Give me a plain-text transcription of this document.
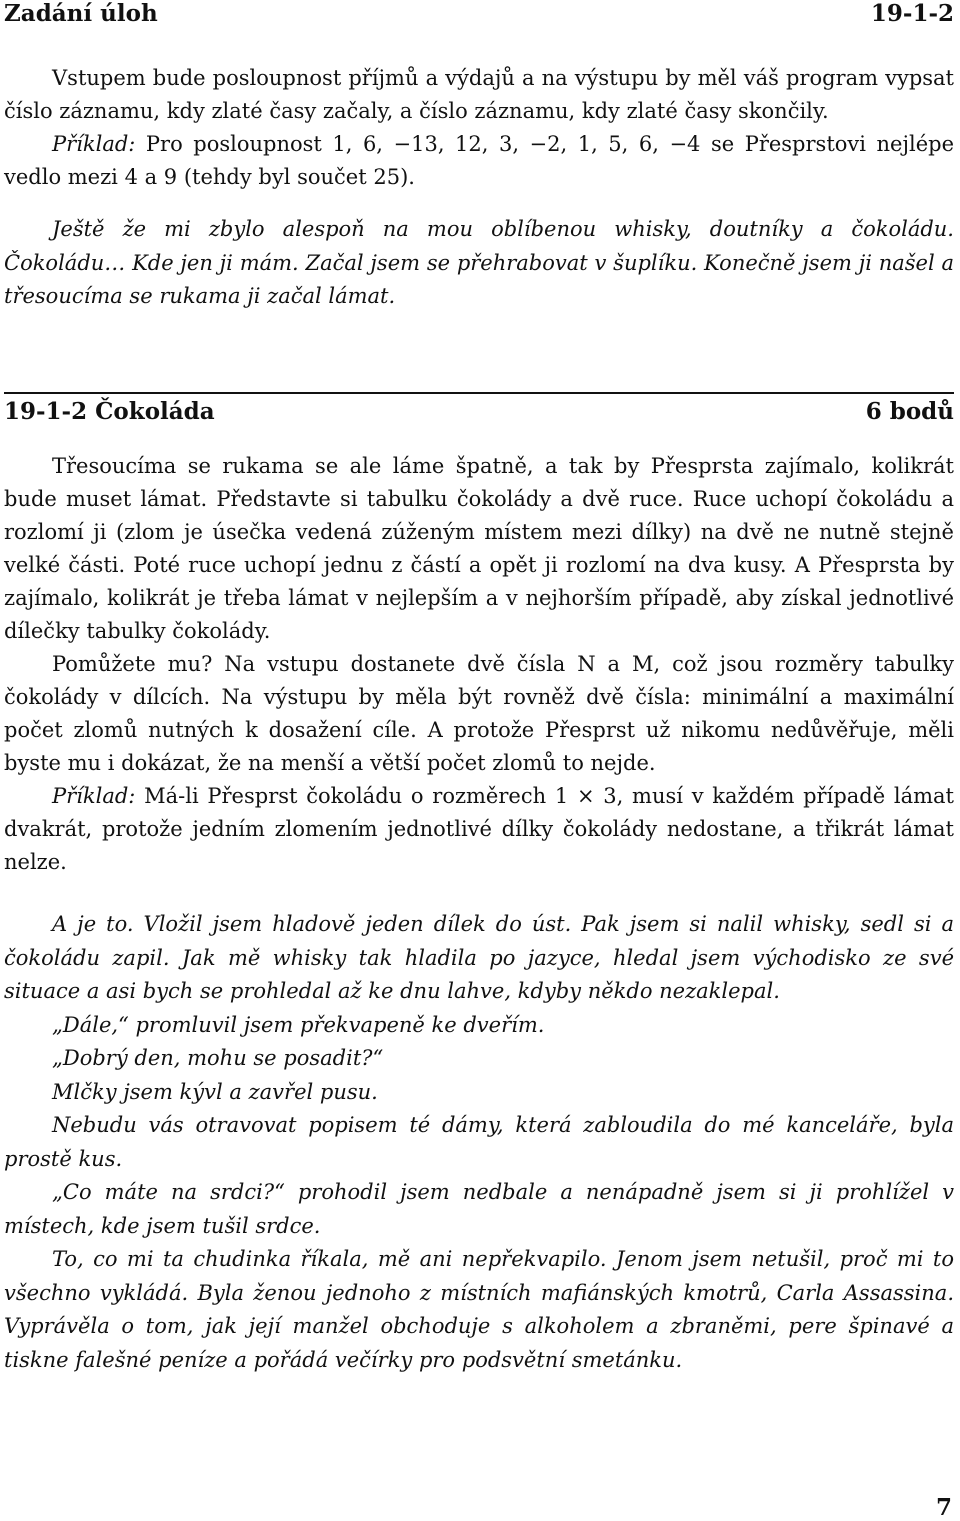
Zadání úloh	19-1-2

Vstupem bude posloupnost příjmů a výdajů a na výstupu by měl váš program vypsat číslo záznamu, kdy zlaté časy začaly, a číslo záznamu, kdy zlaté časy skončily.

Příklad: Pro posloupnost 1, 6, −13, 12, 3, −2, 1, 5, 6, −4 se Přesprstovi nejlépe vedlo mezi 4 a 9 (tehdy byl součet 25).

Ještě že mi zbylo alespoň na mou oblíbenou whisky, doutníky a čokoládu. Čokoládu… Kde jen ji mám. Začal jsem se přehrabovat v šuplíku. Konečně jsem ji našel a třesoucíma se rukama ji začal lámat.

19-1-2 Čokoláda	6 bodů

Třesoucíma se rukama se ale láme špatně, a tak by Přesprsta zajímalo, kolikrát bude muset lámat. Představte si tabulku čokolády a dvě ruce. Ruce uchopí čokoládu a rozlomí ji (zlom je úsečka vedená zúženým místem mezi dílky) na dvě ne nutně stejně velké části. Poté ruce uchopí jednu z částí a opět ji rozlomí na dva kusy. A Přesprsta by zajímalo, kolikrát je třeba lámat v nejlepším a v nejhorším případě, aby získal jednotlivé dílečky tabulky čokolády.

Pomůžete mu? Na vstupu dostanete dvě čísla N a M, což jsou rozměry tabulky čokolády v dílcích. Na výstupu by měla být rovněž dvě čísla: minimální a maximální počet zlomů nutných k dosažení cíle. A protože Přesprst už nikomu nedůvěřuje, měli byste mu i dokázat, že na menší a větší počet zlomů to nejde.

Příklad: Má-li Přesprst čokoládu o rozměrech 1 × 3, musí v každém případě lámat dvakrát, protože jedním zlomením jednotlivé dílky čokolády nedostane, a třikrát lámat nelze.

A je to. Vložil jsem hladově jeden dílek do úst. Pak jsem si nalil whisky, sedl si a čokoládu zapil. Jak mě whisky tak hladila po jazyce, hledal jsem východisko ze své situace a asi bych se prohledal až ke dnu lahve, kdyby někdo nezaklepal.

„Dále,“ promluvil jsem překvapeně ke dveřím.

„Dobrý den, mohu se posadit?“

Mlčky jsem kývl a zavřel pusu.

Nebudu vás otravovat popisem té dámy, která zabloudila do mé kanceláře, byla prostě kus.

„Co máte na srdci?“ prohodil jsem nedbale a nenápadně jsem si ji prohlížel v místech, kde jsem tušil srdce.

To, co mi ta chudinka říkala, mě ani nepřekvapilo. Jenom jsem netušil, proč mi to všechno vykládá. Byla ženou jednoho z místních mafiánských kmotrů, Carla Assassina. Vyprávěla o tom, jak její manžel obchoduje s alkoholem a zbraněmi, pere špinavé a tiskne falešné peníze a pořádá večírky pro podsvětní smetánku.

7
